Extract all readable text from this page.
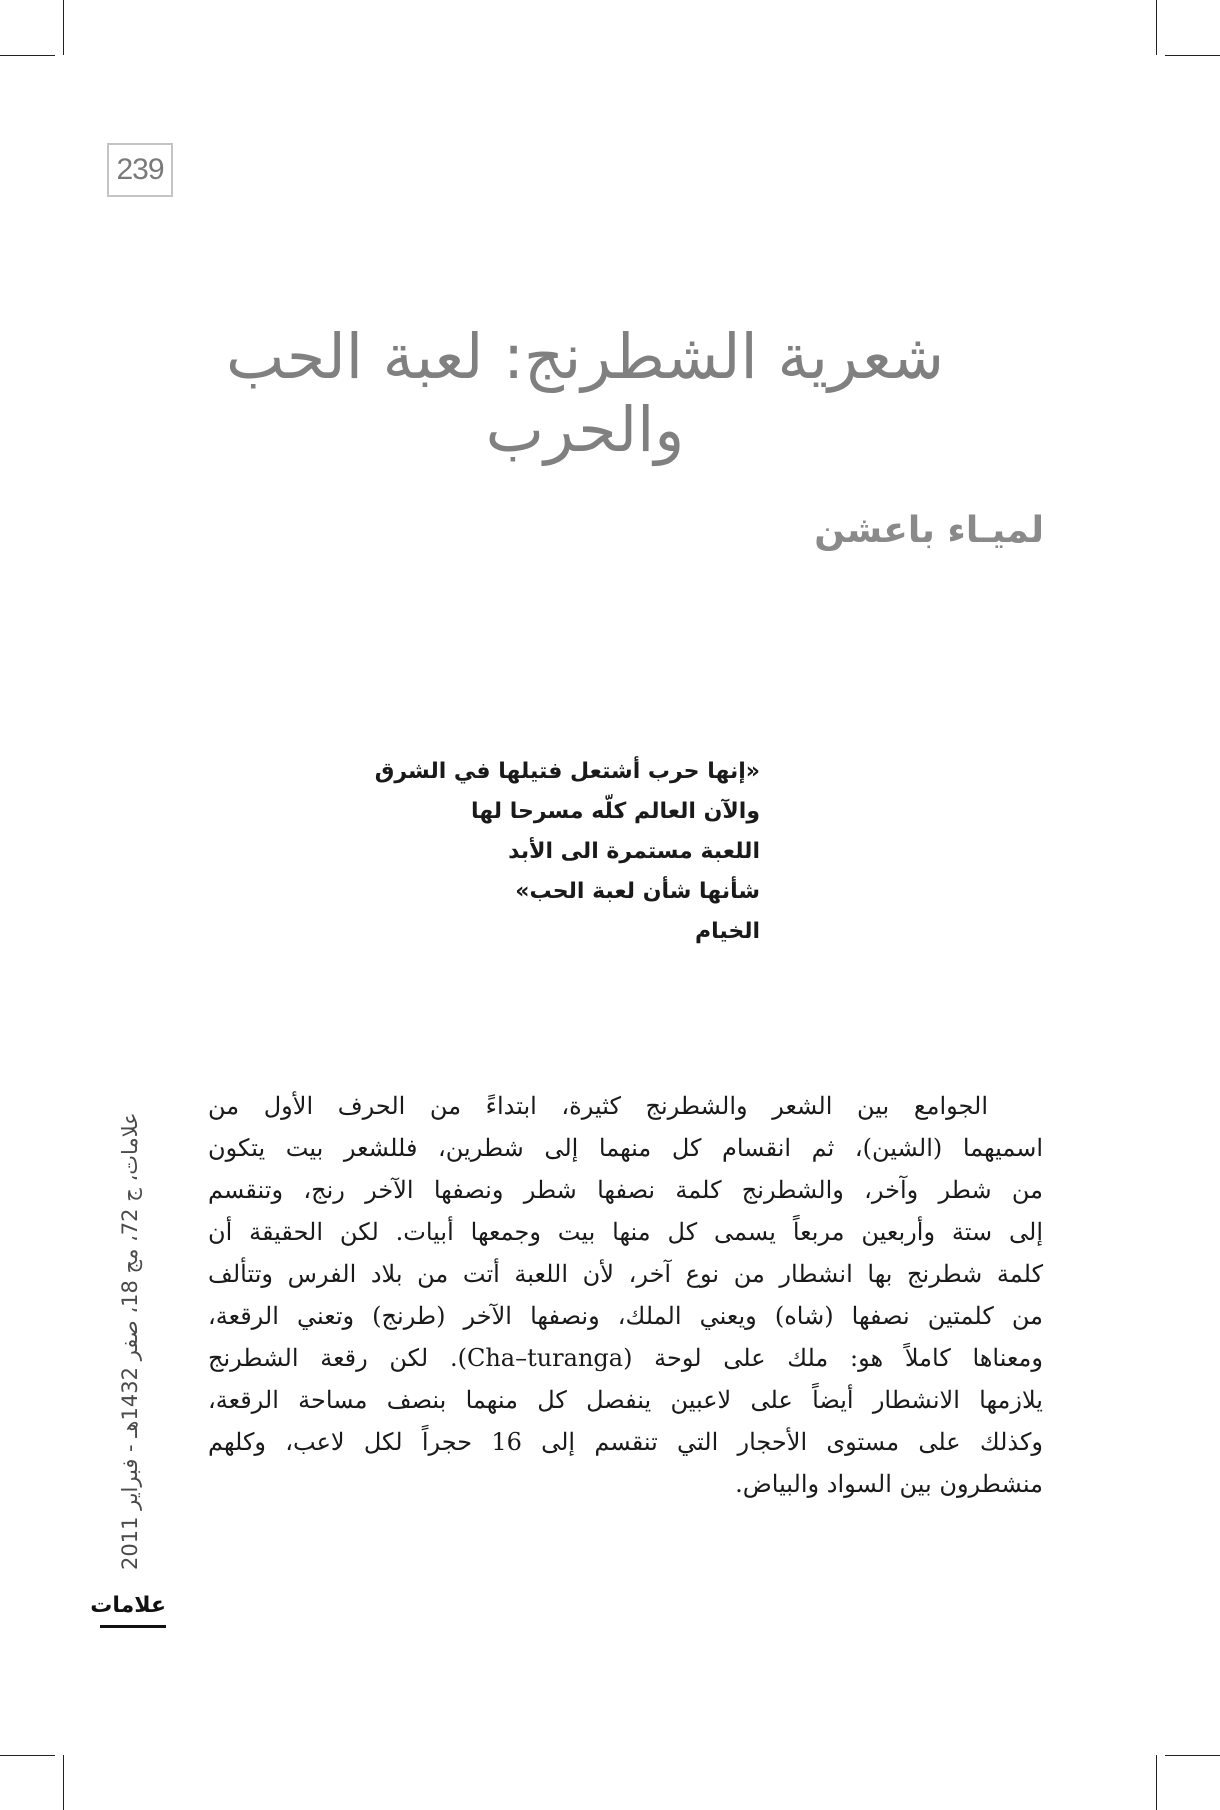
239
شعرية الشطرنج: لعبة الحب والحرب
لميـاء باعشن
«إنها حرب أشتعل فتيلها في الشرق
والآن العالم كلّه مسرحا لها
اللعبة مستمرة الى الأبد
شأنها شأن لعبة الحب»
الخيام
الجوامع بين الشعر والشطرنج كثيرة، ابتداءً من الحرف الأول من
اسميهما (الشين)، ثم انقسام كل منهما إلى شطرين، فللشعر بيت يتكون
من شطر وآخر، والشطرنج كلمة نصفها شطر ونصفها الآخر رنج، وتنقسم
إلى ستة وأربعين مربعاً يسمى كل منها بيت وجمعها أبيات. لكن الحقيقة أن
كلمة شطرنج بها انشطار من نوع آخر، لأن اللعبة أتت من بلاد الفرس وتتألف
من كلمتين نصفها (شاه) ويعني الملك، ونصفها الآخر (طرنج) وتعني الرقعة،
ومعناها كاملاً هو: ملك على لوحة (Cha–turanga). لكن رقعة الشطرنج
يلازمها الانشطار أيضاً على لاعبين ينفصل كل منهما بنصف مساحة الرقعة،
وكذلك على مستوى الأحجار التي تنقسم إلى 16 حجراً لكل لاعب، وكلهم
منشطرون بين السواد والبياض.
علامات، ج 72، مج 18، صفر 1432هـ - فبراير 2011
علامات
